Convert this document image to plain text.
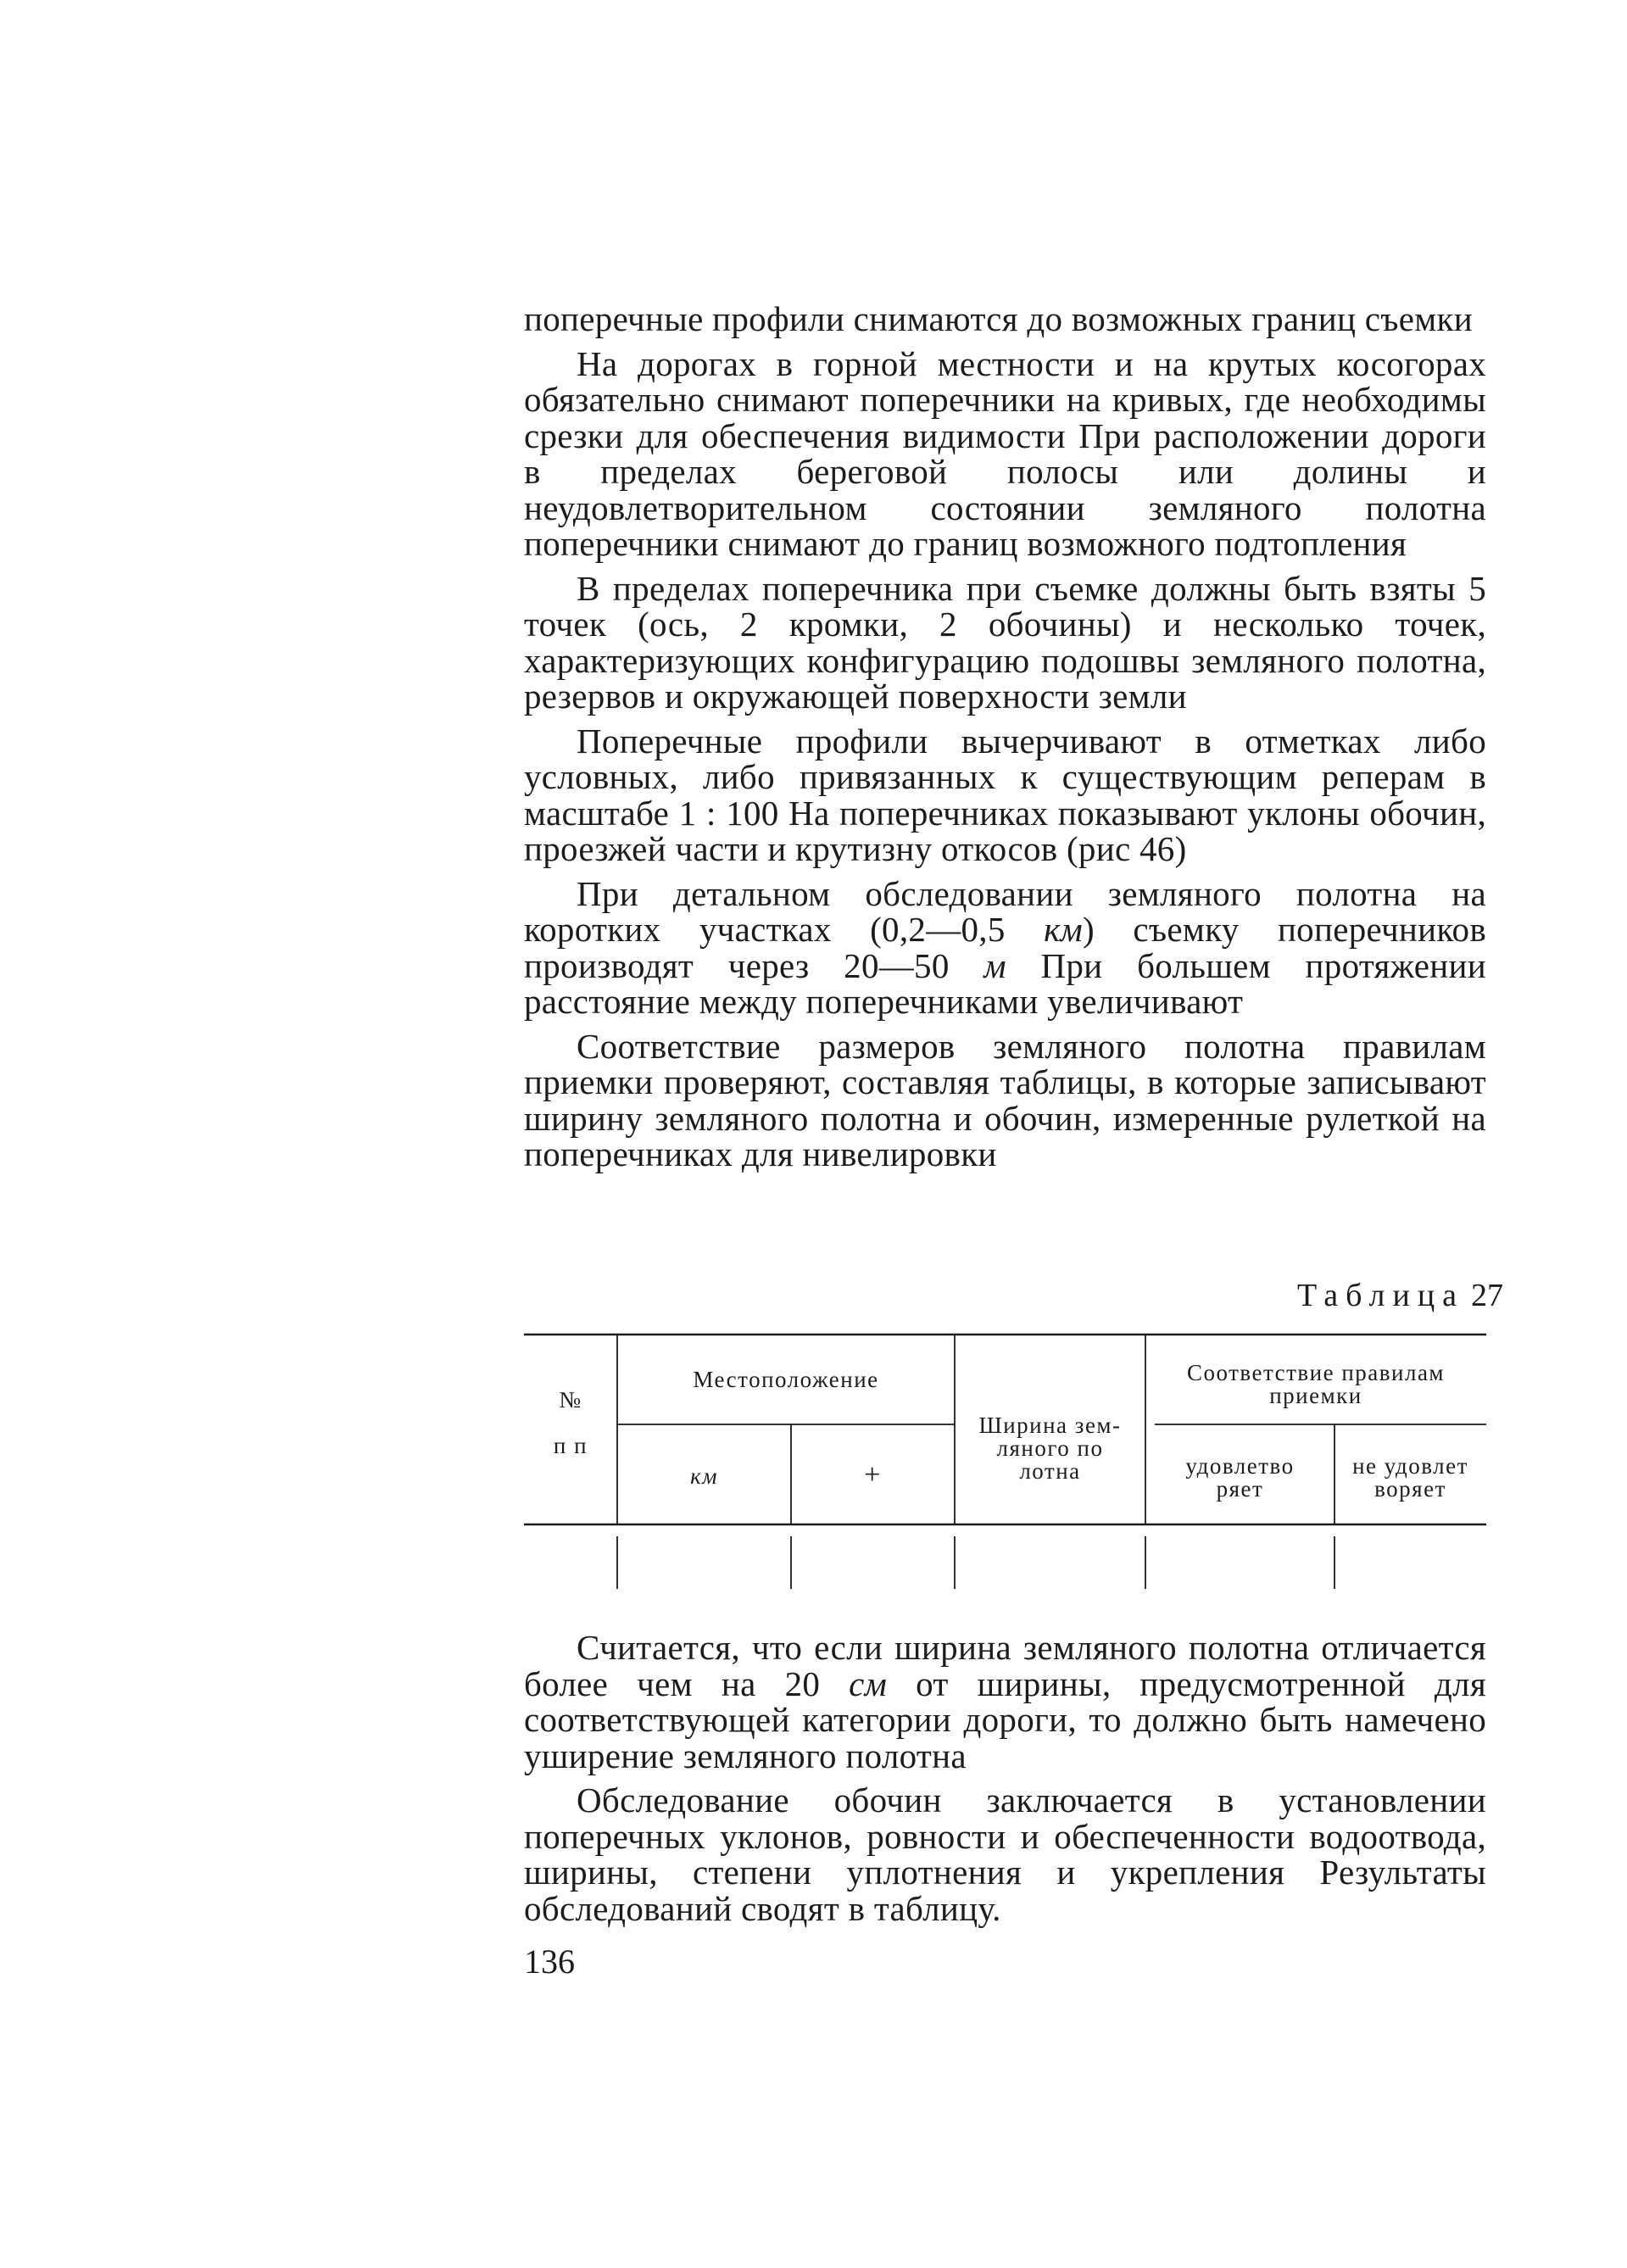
поперечные профили снимаются до возможных границ съемки

На дорогах в горной местности и на крутых косогорах обязательно снимают поперечники на кривых, где необходимы срезки для обеспечения видимости При расположении дороги в пределах береговой полосы или долины и неудовлетворительном состоянии земляного полотна поперечники снимают до границ возможного подтопления

В пределах поперечника при съемке должны быть взяты 5 точек (ось, 2 кромки, 2 обочины) и несколько точек, характеризующих конфигурацию подошвы земляного полотна, резервов и окружающей поверхности земли

Поперечные профили вычерчивают в отметках либо условных, либо привязанных к существующим реперам в масштабе 1 : 100 На поперечниках показывают уклоны обочин, проезжей части и крутизну откосов (рис 46)

При детальном обследовании земляного полотна на коротких участках (0,2—0,5 км) съемку поперечников производят через 20—50 м При большем протяжении расстояние между поперечниками увеличивают

Соответствие размеров земляного полотна правилам приемки проверяют, составляя таблицы, в которые записывают ширину земляного полотна и обочин, измеренные рулеткой на поперечниках для нивелировки

Таблица 27
№

п п
Местоположение
км	+
Ширина зем-
ляного по
лотна
Соответствие правилам
приемки
удовлетво
ряет
не удовлет
воряет

Считается, что если ширина земляного полотна отличается более чем на 20 см от ширины, предусмотренной для соответствующей категории дороги, то должно быть намечено уширение земляного полотна

Обследование обочин заключается в установлении поперечных уклонов, ровности и обеспеченности водоотвода, ширины, степени уплотнения и укрепления Результаты обследований сводят в таблицу.

136
